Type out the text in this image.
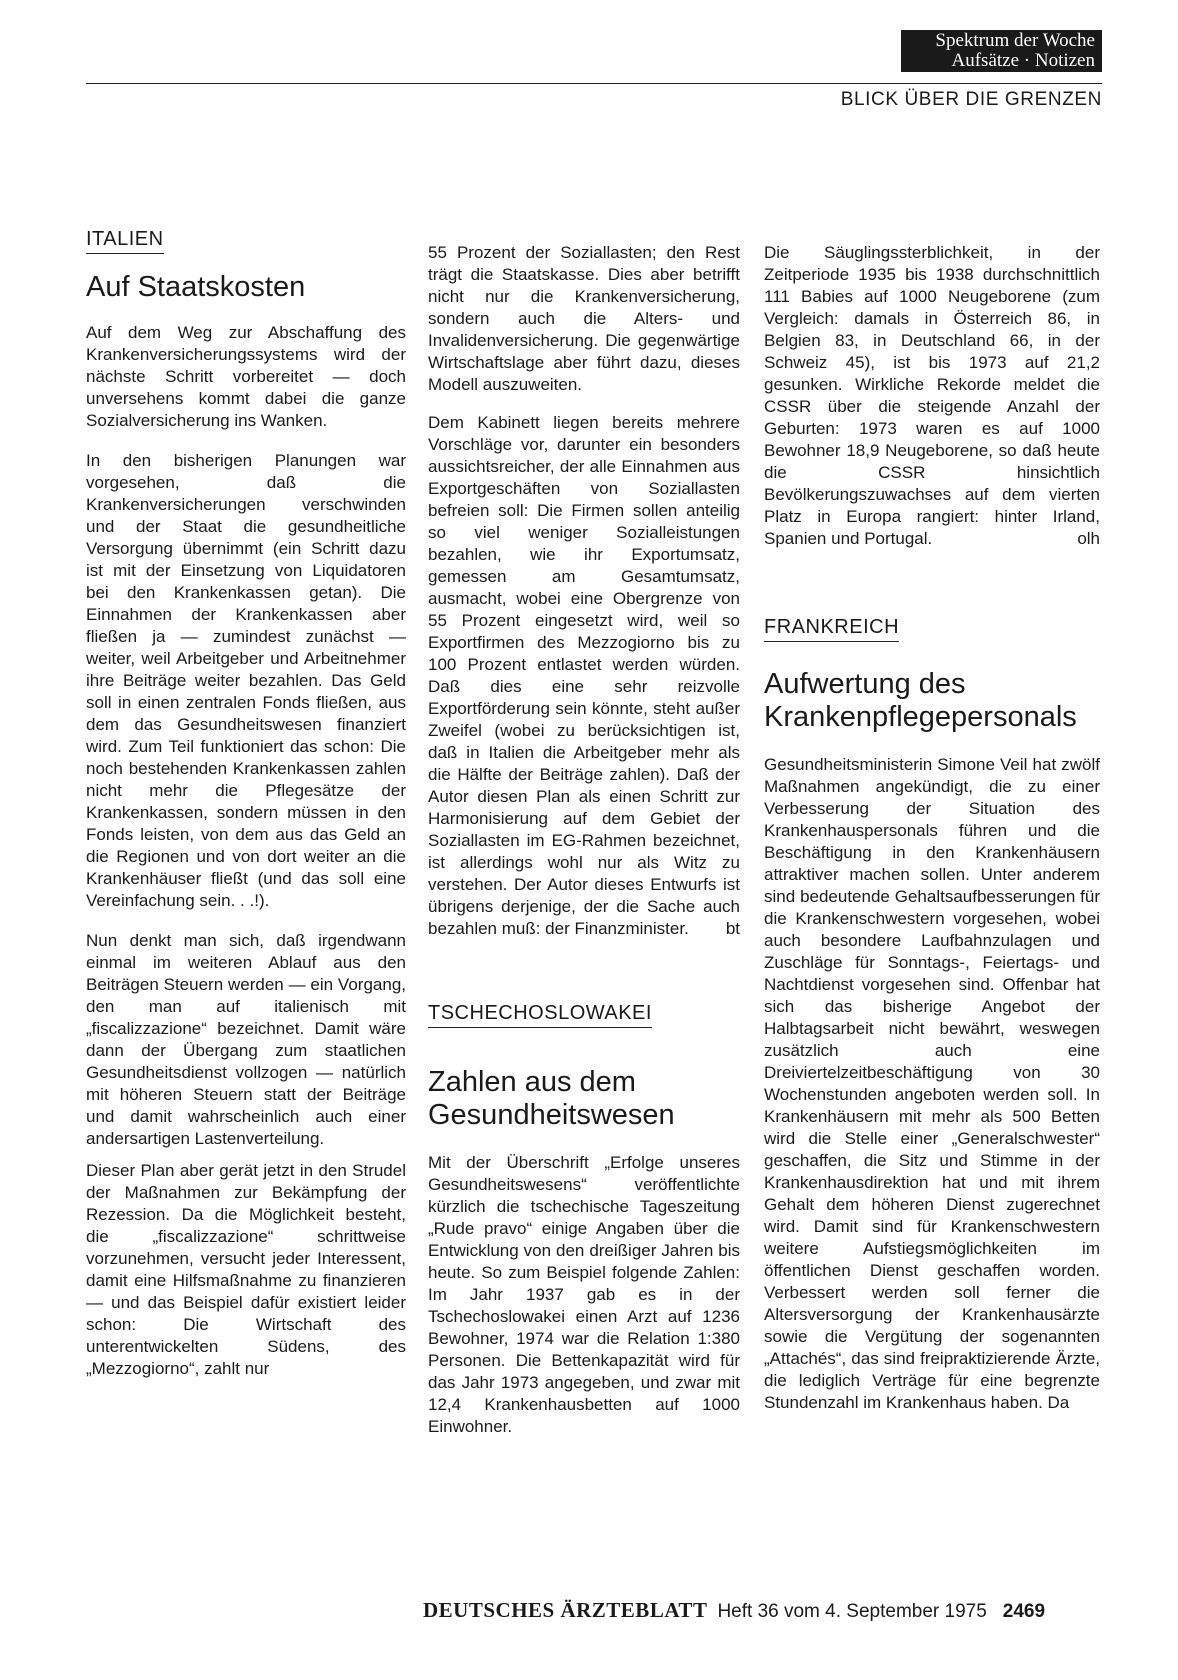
Spektrum der Woche
Aufsätze · Notizen
BLICK ÜBER DIE GRENZEN
ITALIEN
Auf Staatskosten

Auf dem Weg zur Abschaffung des Krankenversicherungssystems wird der nächste Schritt vorbereitet — doch unversehens kommt dabei die ganze Sozialversicherung ins Wanken.

In den bisherigen Planungen war vorgesehen, daß die Krankenversicherungen verschwinden und der Staat die gesundheitliche Versorgung übernimmt (ein Schritt dazu ist mit der Einsetzung von Liquidatoren bei den Krankenkassen getan). Die Einnahmen der Krankenkassen aber fließen ja — zumindest zunächst — weiter, weil Arbeitgeber und Arbeitnehmer ihre Beiträge weiter bezahlen. Das Geld soll in einen zentralen Fonds fließen, aus dem das Gesundheitswesen finanziert wird. Zum Teil funktioniert das schon: Die noch bestehenden Krankenkassen zahlen nicht mehr die Pflegesätze der Krankenkassen, sondern müssen in den Fonds leisten, von dem aus das Geld an die Regionen und von dort weiter an die Krankenhäuser fließt (und das soll eine Vereinfachung sein. . .!).

Nun denkt man sich, daß irgendwann einmal im weiteren Ablauf aus den Beiträgen Steuern werden — ein Vorgang, den man auf italienisch mit „fiscalizzazione“ bezeichnet. Damit wäre dann der Übergang zum staatlichen Gesundheitsdienst vollzogen — natürlich mit höheren Steuern statt der Beiträge und damit wahrscheinlich auch einer andersartigen Lastenverteilung.

Dieser Plan aber gerät jetzt in den Strudel der Maßnahmen zur Bekämpfung der Rezession. Da die Möglichkeit besteht, die „fiscalizzazione“ schrittweise vorzunehmen, versucht jeder Interessent, damit eine Hilfsmaßnahme zu finanzieren — und das Beispiel dafür existiert leider schon: Die Wirtschaft des unterentwickelten Südens, des „Mezzogiorno“, zahlt nur

55 Prozent der Soziallasten; den Rest trägt die Staatskasse. Dies aber betrifft nicht nur die Krankenversicherung, sondern auch die Alters- und Invalidenversicherung. Die gegenwärtige Wirtschaftslage aber führt dazu, dieses Modell auszuweiten.

Dem Kabinett liegen bereits mehrere Vorschläge vor, darunter ein besonders aussichtsreicher, der alle Einnahmen aus Exportgeschäften von Soziallasten befreien soll: Die Firmen sollen anteilig so viel weniger Sozialleistungen bezahlen, wie ihr Exportumsatz, gemessen am Gesamtumsatz, ausmacht, wobei eine Obergrenze von 55 Prozent eingesetzt wird, weil so Exportfirmen des Mezzogiorno bis zu 100 Prozent entlastet werden würden. Daß dies eine sehr reizvolle Exportförderung sein könnte, steht außer Zweifel (wobei zu berücksichtigen ist, daß in Italien die Arbeitgeber mehr als die Hälfte der Beiträge zahlen). Daß der Autor diesen Plan als einen Schritt zur Harmonisierung auf dem Gebiet der Soziallasten im EG-Rahmen bezeichnet, ist allerdings wohl nur als Witz zu verstehen. Der Autor dieses Entwurfs ist übrigens derjenige, der die Sache auch bezahlen muß: der Finanzminister. bt

TSCHECHOSLOWAKEI
Zahlen aus dem
Gesundheitswesen

Mit der Überschrift „Erfolge unseres Gesundheitswesens“ veröffentlichte kürzlich die tschechische Tageszeitung „Rude pravo“ einige Angaben über die Entwicklung von den dreißiger Jahren bis heute. So zum Beispiel folgende Zahlen: Im Jahr 1937 gab es in der Tschechoslowakei einen Arzt auf 1236 Bewohner, 1974 war die Relation 1:380 Personen. Die Bettenkapazität wird für das Jahr 1973 angegeben, und zwar mit 12,4 Krankenhausbetten auf 1000 Einwohner.

Die Säuglingssterblichkeit, in der Zeitperiode 1935 bis 1938 durchschnittlich 111 Babies auf 1000 Neugeborene (zum Vergleich: damals in Österreich 86, in Belgien 83, in Deutschland 66, in der Schweiz 45), ist bis 1973 auf 21,2 gesunken. Wirkliche Rekorde meldet die CSSR über die steigende Anzahl der Geburten: 1973 waren es auf 1000 Bewohner 18,9 Neugeborene, so daß heute die CSSR hinsichtlich Bevölkerungszuwachses auf dem vierten Platz in Europa rangiert: hinter Irland, Spanien und Portugal.	olh

FRANKREICH
Aufwertung des
Krankenpflegepersonals

Gesundheitsministerin Simone Veil hat zwölf Maßnahmen angekündigt, die zu einer Verbesserung der Situation des Krankenhauspersonals führen und die Beschäftigung in den Krankenhäusern attraktiver machen sollen. Unter anderem sind bedeutende Gehaltsaufbesserungen für die Krankenschwestern vorgesehen, wobei auch besondere Laufbahnzulagen und Zuschläge für Sonntags-, Feiertags- und Nachtdienst vorgesehen sind. Offenbar hat sich das bisherige Angebot der Halbtagsarbeit nicht bewährt, weswegen zusätzlich auch eine Dreiviertelzeitbeschäftigung von 30 Wochenstunden angeboten werden soll. In Krankenhäusern mit mehr als 500 Betten wird die Stelle einer „Generalschwester“ geschaffen, die Sitz und Stimme in der Krankenhausdirektion hat und mit ihrem Gehalt dem höheren Dienst zugerechnet wird. Damit sind für Krankenschwestern weitere Aufstiegsmöglichkeiten im öffentlichen Dienst geschaffen worden. Verbessert werden soll ferner die Altersversorgung der Krankenhausärzte sowie die Vergütung der sogenannten „Attachés“, das sind freipraktizierende Ärzte, die lediglich Verträge für eine begrenzte Stundenzahl im Krankenhaus haben. Da

DEUTSCHES ÄRZTEBLATT Heft 36 vom 4. September 1975 2469
